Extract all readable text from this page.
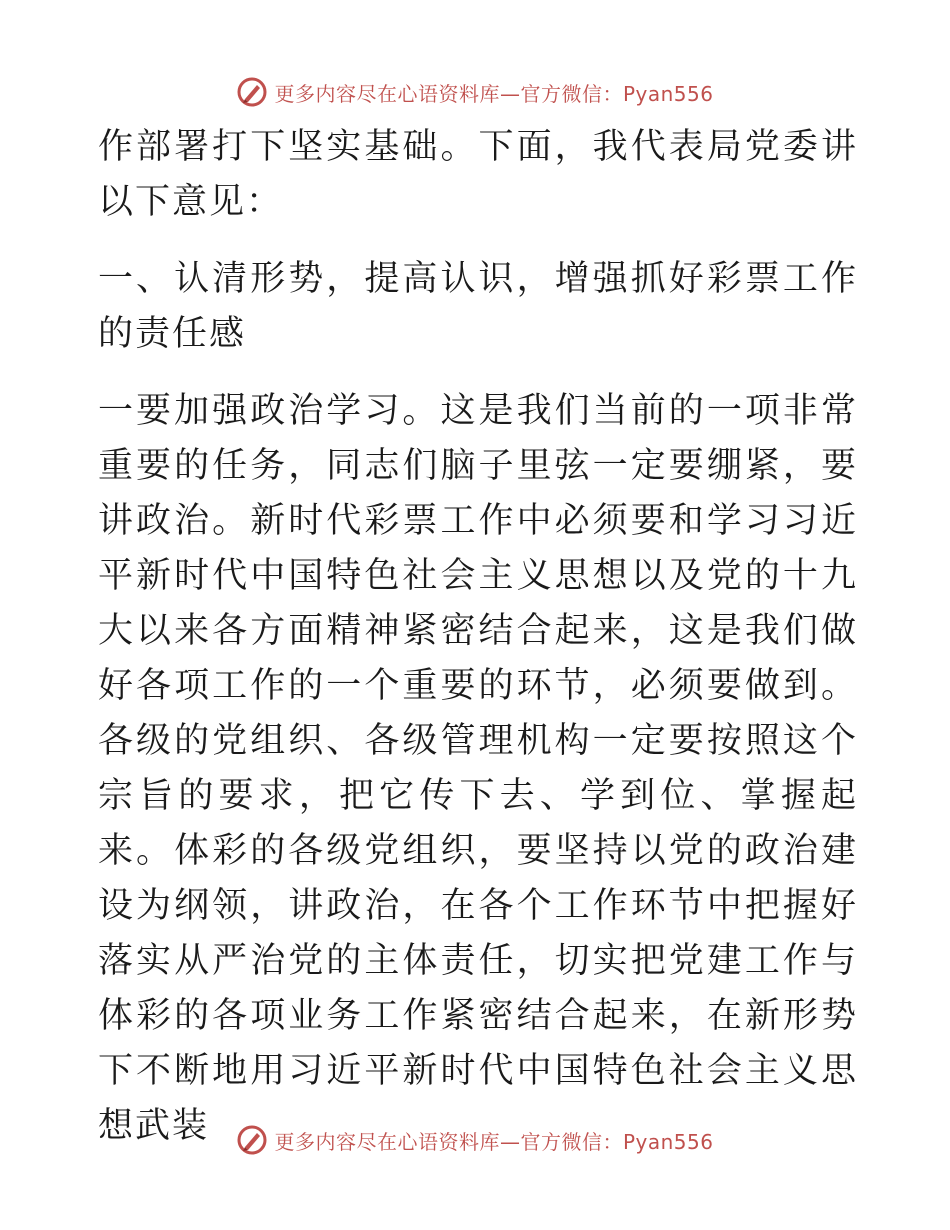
更多内容尽在心语资料库—官方微信：Pyan556

作部署打下坚实基础。下面，我代表局党委讲以下意见：

一、认清形势，提高认识，增强抓好彩票工作的责任感

一要加强政治学习。这是我们当前的一项非常重要的任务，同志们脑子里弦一定要绷紧，要讲政治。新时代彩票工作中必须要和学习习近平新时代中国特色社会主义思想以及党的十九大以来各方面精神紧密结合起来，这是我们做好各项工作的一个重要的环节，必须要做到。各级的党组织、各级管理机构一定要按照这个宗旨的要求，把它传下去、学到位、掌握起来。体彩的各级党组织，要坚持以党的政治建设为纲领，讲政治，在各个工作环节中把握好落实从严治党的主体责任，切实把党建工作与体彩的各项业务工作紧密结合起来，在新形势下不断地用习近平新时代中国特色社会主义思想武装	更多内容尽在心语资料库—官方微信：Pyan556
